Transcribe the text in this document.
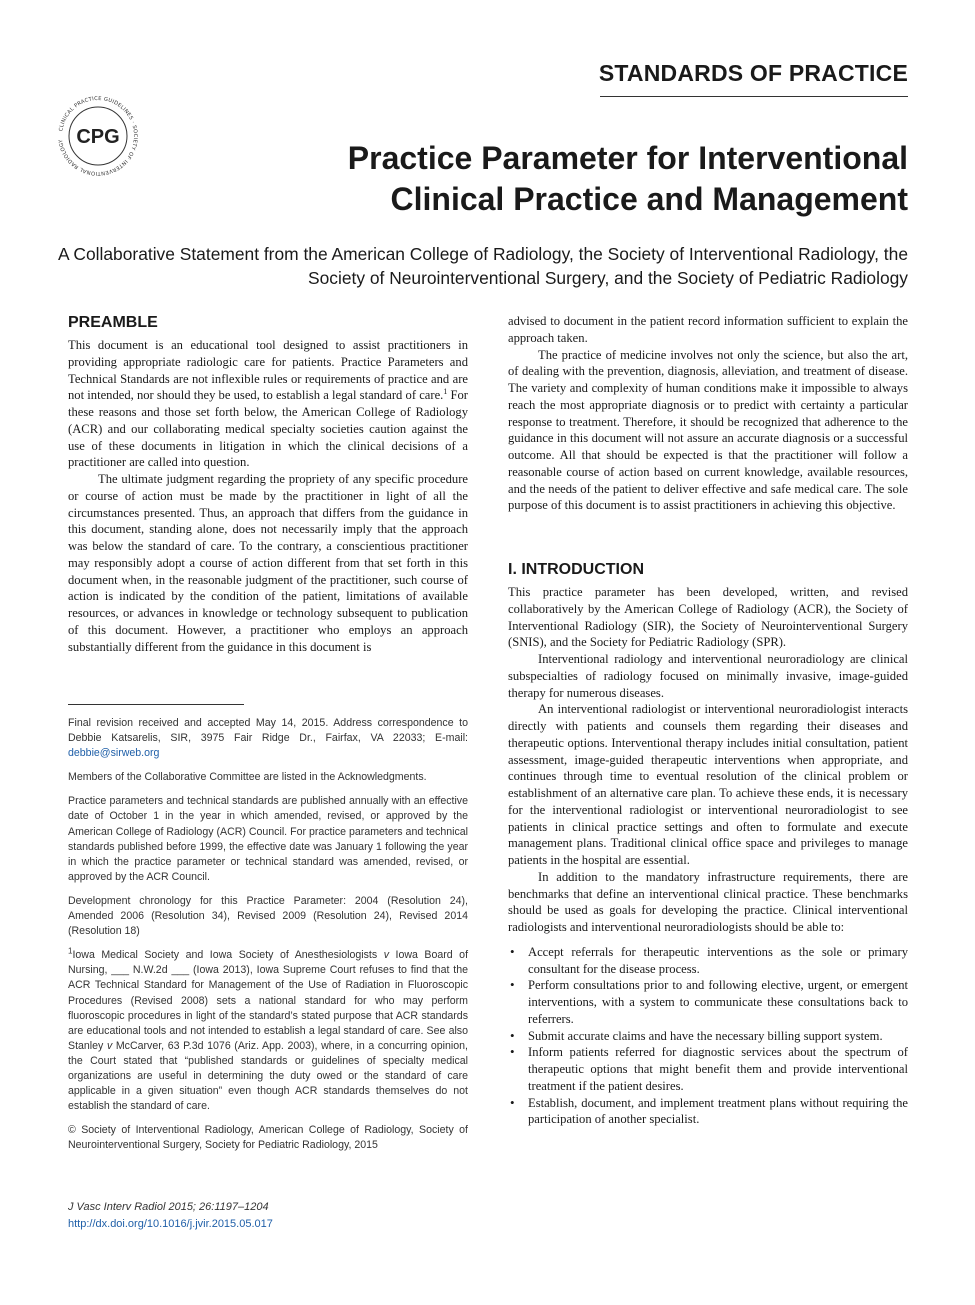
STANDARDS OF PRACTICE
CLINICAL PRACTICE GUIDELINES · SOCIETY OF INTERVENTIONAL RADIOLOGY CPG
Practice Parameter for Interventional
Clinical Practice and Management
A Collaborative Statement from the American College of Radiology, the Society of Interventional Radiology, the Society of Neurointerventional Surgery, and the Society of Pediatric Radiology
PREAMBLE

This document is an educational tool designed to assist practitioners in providing appropriate radiologic care for patients. Practice Parameters and Technical Standards are not inflexible rules or requirements of practice and are not intended, nor should they be used, to establish a legal standard of care.$^1$ For these reasons and those set forth below, the American College of Radiology (ACR) and our collaborating medical specialty societies caution against the use of these documents in litigation in which the clinical decisions of a practitioner are called into question.

The ultimate judgment regarding the propriety of any specific procedure or course of action must be made by the practitioner in light of all the circumstances presented. Thus, an approach that differs from the guidance in this document, standing alone, does not necessarily imply that the approach was below the standard of care. To the contrary, a conscientious practitioner may responsibly adopt a course of action different from that set forth in this document when, in the reasonable judgment of the practitioner, such course of action is indicated by the condition of the patient, limitations of available resources, or advances in knowledge or technology subsequent to publication of this document. However, a practitioner who employs an approach substantially different from the guidance in this document is

Final revision received and accepted May 14, 2015. Address correspondence to Debbie Katsarelis, SIR, 3975 Fair Ridge Dr., Fairfax, VA 22033; E-mail: debbie@sirweb.org

Members of the Collaborative Committee are listed in the Acknowledgments.

Practice parameters and technical standards are published annually with an effective date of October 1 in the year in which amended, revised, or approved by the American College of Radiology (ACR) Council. For practice parameters and technical standards published before 1999, the effective date was January 1 following the year in which the practice parameter or technical standard was amended, revised, or approved by the ACR Council.

Development chronology for this Practice Parameter: 2004 (Resolution 24), Amended 2006 (Resolution 34), Revised 2009 (Resolution 24), Revised 2014 (Resolution 18)

$^1$Iowa Medical Society and Iowa Society of Anesthesiologists v Iowa Board of Nursing, ___ N.W.2d ___ (Iowa 2013), Iowa Supreme Court refuses to find that the ACR Technical Standard for Management of the Use of Radiation in Fluoroscopic Procedures (Revised 2008) sets a national standard for who may perform fluoroscopic procedures in light of the standard’s stated purpose that ACR standards are educational tools and not intended to establish a legal standard of care. See also Stanley v McCarver, 63 P.3d 1076 (Ariz. App. 2003), where, in a concurring opinion, the Court stated that “published standards or guidelines of specialty medical organizations are useful in determining the duty owed or the standard of care applicable in a given situation” even though ACR standards themselves do not establish the standard of care.

© Society of Interventional Radiology, American College of Radiology, Society of Neurointerventional Surgery, Society for Pediatric Radiology, 2015

J Vasc Interv Radiol 2015; 26:1197–1204
http://dx.doi.org/10.1016/j.jvir.2015.05.017

advised to document in the patient record information sufficient to explain the approach taken.

The practice of medicine involves not only the science, but also the art, of dealing with the prevention, diagnosis, alleviation, and treatment of disease. The variety and complexity of human conditions make it impossible to always reach the most appropriate diagnosis or to predict with certainty a particular response to treatment. Therefore, it should be recognized that adherence to the guidance in this document will not assure an accurate diagnosis or a successful outcome. All that should be expected is that the practitioner will follow a reasonable course of action based on current knowledge, available resources, and the needs of the patient to deliver effective and safe medical care. The sole purpose of this document is to assist practitioners in achieving this objective.

I. INTRODUCTION

This practice parameter has been developed, written, and revised collaboratively by the American College of Radiology (ACR), the Society of Interventional Radiology (SIR), the Society of Neurointerventional Surgery (SNIS), and the Society for Pediatric Radiology (SPR).

Interventional radiology and interventional neuroradiology are clinical subspecialties of radiology focused on minimally invasive, image-guided therapy for numerous diseases.

An interventional radiologist or interventional neuroradiologist interacts directly with patients and counsels them regarding their diseases and therapeutic options. Interventional therapy includes initial consultation, patient assessment, image-guided therapeutic interventions when appropriate, and continues through time to eventual resolution of the clinical problem or establishment of an alternative care plan. To achieve these ends, it is necessary for the interventional radiologist or interventional neuroradiologist to see patients in clinical practice settings and often to formulate and execute management plans. Traditional clinical office space and privileges to manage patients in the hospital are essential.

In addition to the mandatory infrastructure requirements, there are benchmarks that define an interventional clinical practice. These benchmarks should be used as goals for developing the practice. Clinical interventional radiologists and interventional neuroradiologists should be able to:

• Accept referrals for therapeutic interventions as the sole or primary consultant for the disease process.
• Perform consultations prior to and following elective, urgent, or emergent interventions, with a system to communicate these consultations back to referrers.
• Submit accurate claims and have the necessary billing support system.
• Inform patients referred for diagnostic services about the spectrum of therapeutic options that might benefit them and provide interventional treatment if the patient desires.
• Establish, document, and implement treatment plans without requiring the participation of another specialist.
